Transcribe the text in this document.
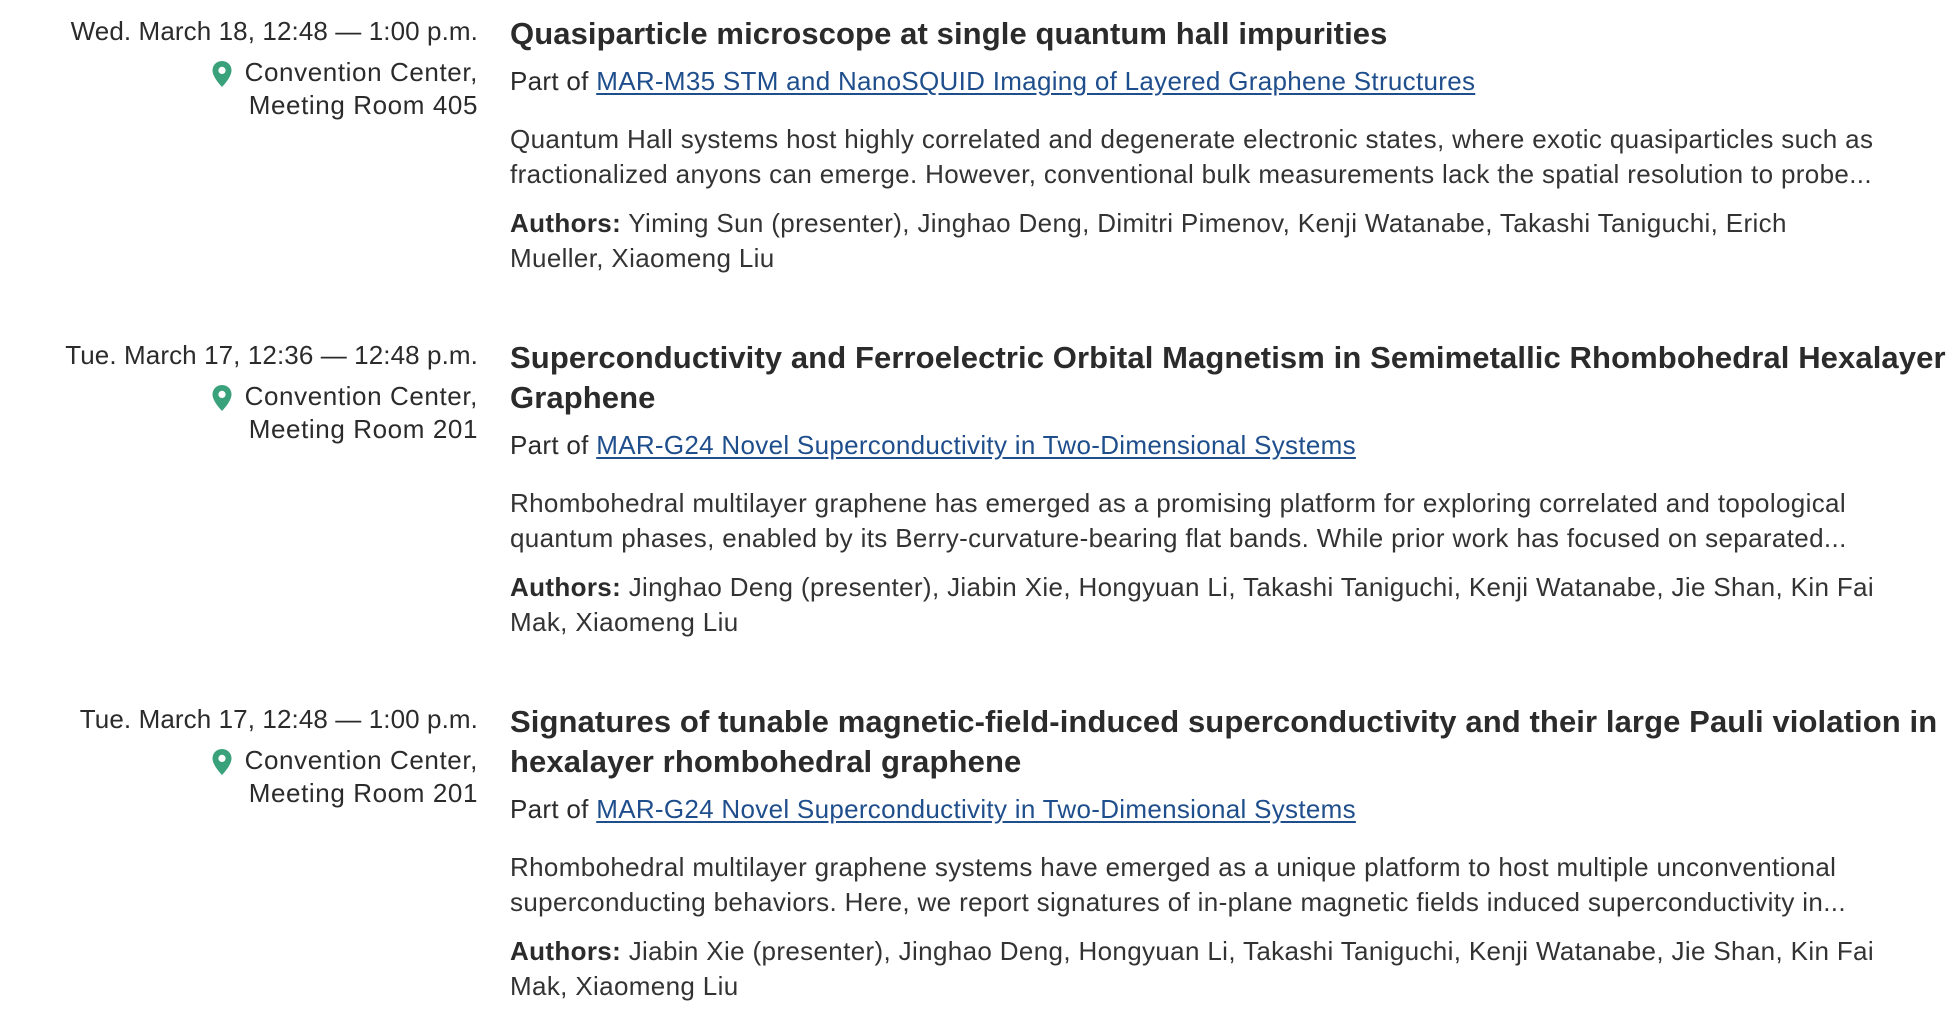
Wed. March 18, 12:48 — 1:00 p.m.
Convention Center,
Meeting Room 405
Quasiparticle microscope at single quantum hall impurities
Part of MAR-M35 STM and NanoSQUID Imaging of Layered Graphene Structures
Quantum Hall systems host highly correlated and degenerate electronic states, where exotic quasiparticles such as
fractionalized anyons can emerge. However, conventional bulk measurements lack the spatial resolution to probe...
Authors: Yiming Sun (presenter), Jinghao Deng, Dimitri Pimenov, Kenji Watanabe, Takashi Taniguchi, Erich
Mueller, Xiaomeng Liu
Tue. March 17, 12:36 — 12:48 p.m.
Convention Center,
Meeting Room 201
Superconductivity and Ferroelectric Orbital Magnetism in Semimetallic Rhombohedral Hexalayer Graphene
Part of MAR-G24 Novel Superconductivity in Two-Dimensional Systems
Rhombohedral multilayer graphene has emerged as a promising platform for exploring correlated and topological
quantum phases, enabled by its Berry-curvature-bearing flat bands. While prior work has focused on separated...
Authors: Jinghao Deng (presenter), Jiabin Xie, Hongyuan Li, Takashi Taniguchi, Kenji Watanabe, Jie Shan, Kin Fai
Mak, Xiaomeng Liu
Tue. March 17, 12:48 — 1:00 p.m.
Convention Center,
Meeting Room 201
Signatures of tunable magnetic-field-induced superconductivity and their large Pauli violation in hexalayer rhombohedral graphene
Part of MAR-G24 Novel Superconductivity in Two-Dimensional Systems
Rhombohedral multilayer graphene systems have emerged as a unique platform to host multiple unconventional
superconducting behaviors. Here, we report signatures of in-plane magnetic fields induced superconductivity in...
Authors: Jiabin Xie (presenter), Jinghao Deng, Hongyuan Li, Takashi Taniguchi, Kenji Watanabe, Jie Shan, Kin Fai
Mak, Xiaomeng Liu
